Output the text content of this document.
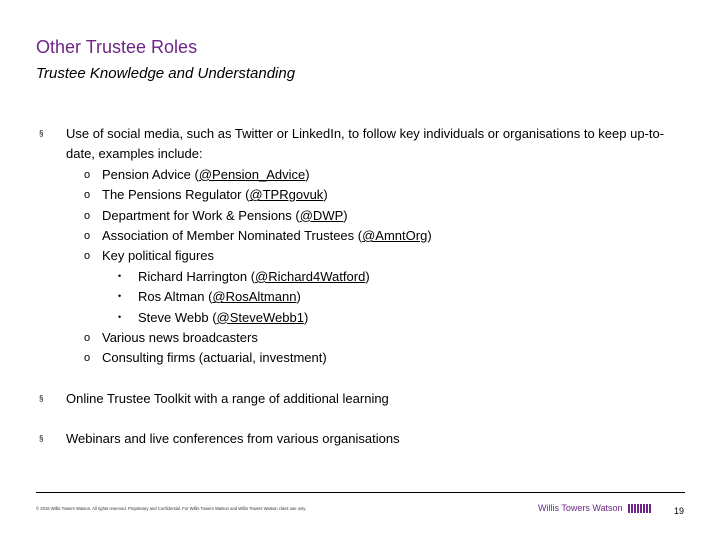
Other Trustee Roles
Trustee Knowledge and Understanding
§ Use of social media, such as Twitter or LinkedIn, to follow key individuals or organisations to keep up-to-date, examples include:
o Pension Advice (@Pension_Advice)
o The Pensions Regulator (@TPRgovuk)
o Department for Work & Pensions (@DWP)
o Association of Member Nominated Trustees (@AmntOrg)
o Key political figures
• Richard Harrington (@Richard4Watford)
• Ros Altman (@RosAltmann)
• Steve Webb (@SteveWebb1)
o Various news broadcasters
o Consulting firms (actuarial, investment)
§ Online Trustee Toolkit with a range of additional learning
§ Webinars and live conferences from various organisations
© 2016 Willis Towers Watson. All rights reserved. Proprietary and Confidential. For Willis Towers Watson and Willis Towers Watson client use only.	Willis Towers Watson	19
